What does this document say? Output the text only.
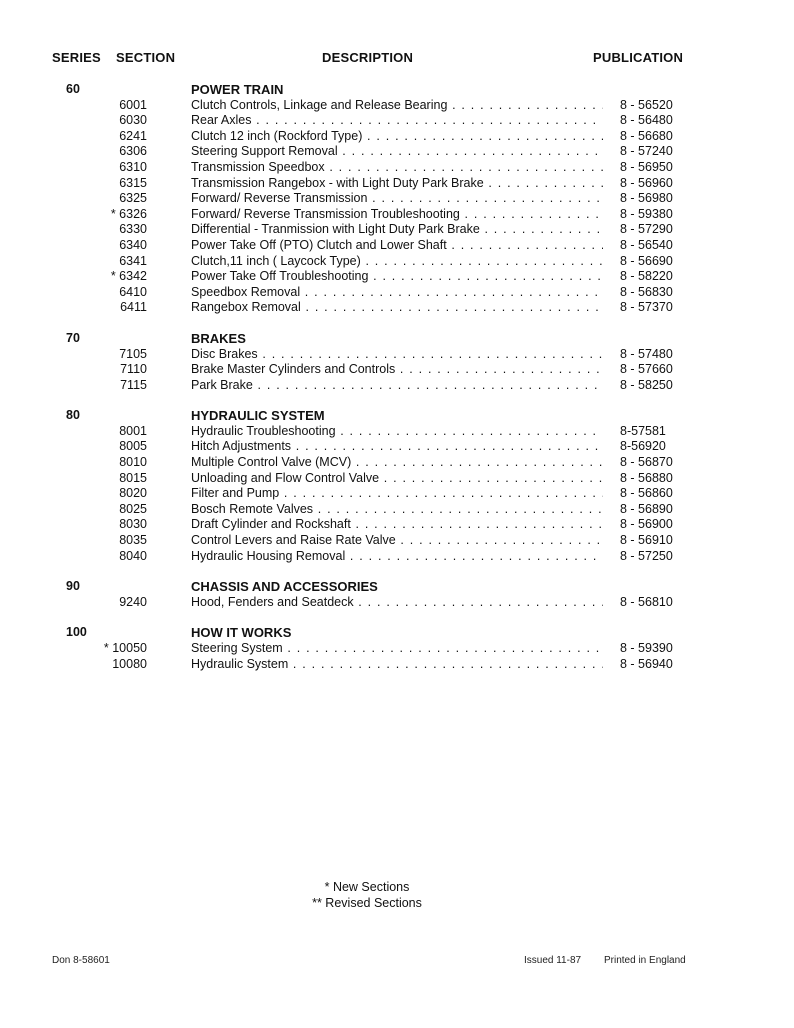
SERIES SECTION	DESCRIPTION	PUBLICATION
60	POWER TRAIN
6001	Clutch Controls, Linkage and Release Bearing . . .	8 - 56520
6030	Rear Axles . . .	8 - 56480
6241	Clutch 12 inch (Rockford Type) . . .	8 - 56680
6306	Steering Support Removal . . .	8 - 57240
6310	Transmission Speedbox . . .	8 - 56950
6315	Transmission Rangebox - with Light Duty Park Brake . . .	8 - 56960
6325	Forward/ Reverse Transmission . . .	8 - 56980
* 6326	Forward/ Reverse Transmission Troubleshooting . . .	8 - 59380
6330	Differential - Tranmission with Light Duty Park Brake . . .	8 - 57290
6340	Power Take Off (PTO) Clutch and Lower Shaft . . .	8 - 56540
6341	Clutch,11 inch ( Laycock Type) . . .	8 - 56690
* 6342	Power Take Off Troubleshooting . . .	8 - 58220
6410	Speedbox Removal . . .	8 - 56830
6411	Rangebox Removal . . .	8 - 57370
70	BRAKES
7105	Disc Brakes . . .	8 - 57480
7110	Brake Master Cylinders and Controls . . .	8 - 57660
7115	Park Brake . . .	8 - 58250
80	HYDRAULIC SYSTEM
8001	Hydraulic Troubleshooting . . .	8-57581
8005	Hitch Adjustments . . .	8-56920
8010	Multiple Control Valve (MCV) . . .	8 - 56870
8015	Unloading and Flow Control Valve . . .	8 - 56880
8020	Filter and Pump . . .	8 - 56860
8025	Bosch Remote Valves . . .	8 - 56890
8030	Draft Cylinder and Rockshaft . . .	8 - 56900
8035	Control Levers and Raise Rate Valve . . .	8 - 56910
8040	Hydraulic Housing Removal . . .	8 - 57250
90	CHASSIS AND ACCESSORIES
9240	Hood, Fenders and Seatdeck . . .	8 - 56810
100	HOW IT WORKS
* 10050	Steering System . . .	8 - 59390
10080	Hydraulic System . . .	8 - 56940
* New Sections
** Revised Sections
Don 8-58601	Issued 11-87 Printed in England
